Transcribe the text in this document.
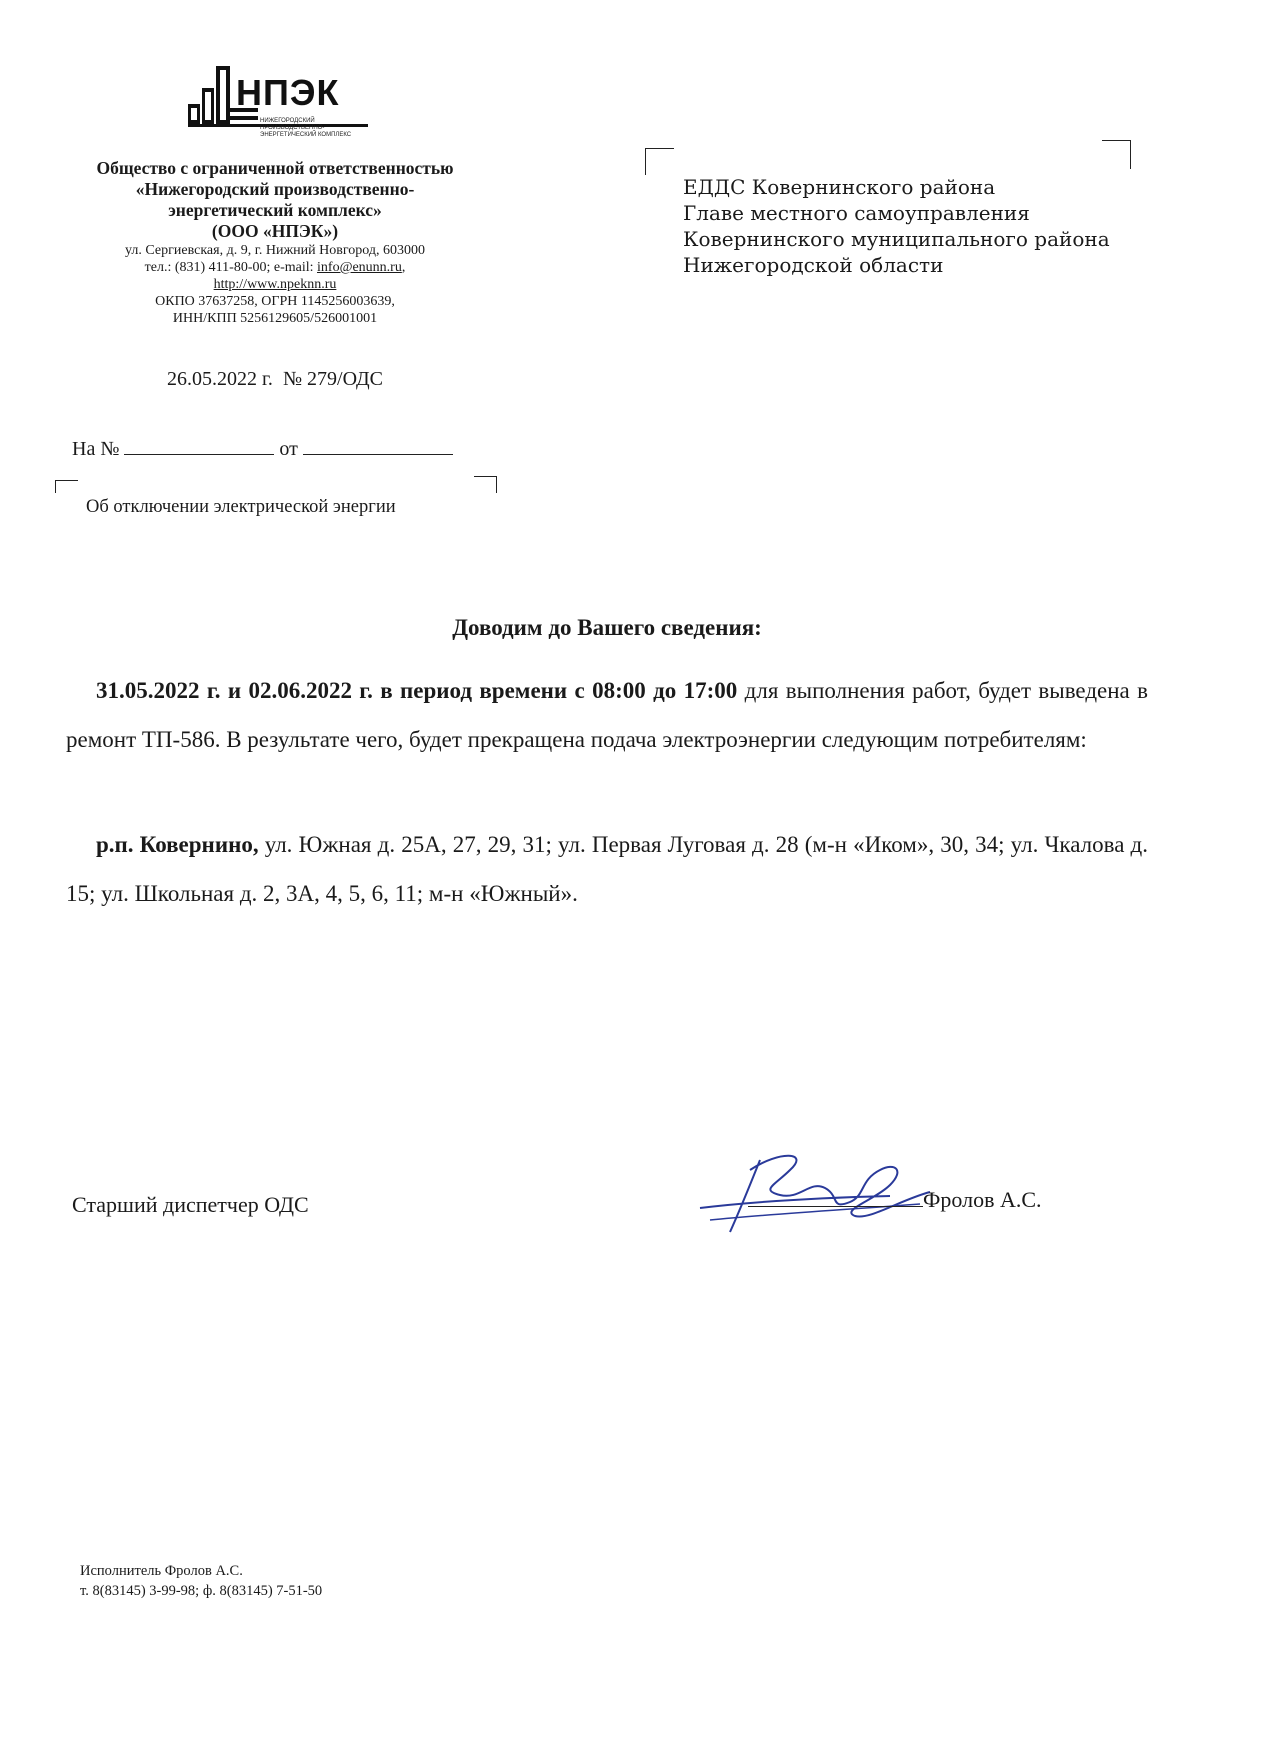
НПЭК
НИЖЕГОРОДСКИЙ ПРОИЗВОДСТВЕННО-ЭНЕРГЕТИЧЕСКИЙ КОМПЛЕКС
Общество с ограниченной ответственностью
«Нижегородский производственно-
энергетический комплекс»
(ООО «НПЭК»)
ул. Сергиевская, д. 9, г. Нижний Новгород, 603000
тел.: (831) 411-80-00; e-mail: info@enunn.ru,
http://www.npeknn.ru
ОКПО 37637258, ОГРН 1145256003639,
ИНН/КПП 5256129605/526001001
26.05.2022 г. № 279/ОДС
На №	от
Об отключении электрической энергии
ЕДДС Ковернинского района
Главе местного самоуправления
Ковернинского муниципального района
Нижегородской области
Доводим до Вашего сведения:
31.05.2022 г. и 02.06.2022 г. в период времени с 08:00 до 17:00 для выполнения работ, будет выведена в ремонт ТП-586. В результате чего, будет прекращена подача электроэнергии следующим потребителям:
р.п. Ковернино, ул. Южная д. 25А, 27, 29, 31; ул. Первая Луговая д. 28 (м-н «Иком», 30, 34; ул. Чкалова д. 15; ул. Школьная д. 2, 3А, 4, 5, 6, 11; м-н «Южный».
Старший диспетчер ОДС	Фролов А.С.
Исполнитель Фролов А.С.
т. 8(83145) 3-99-98; ф. 8(83145) 7-51-50
